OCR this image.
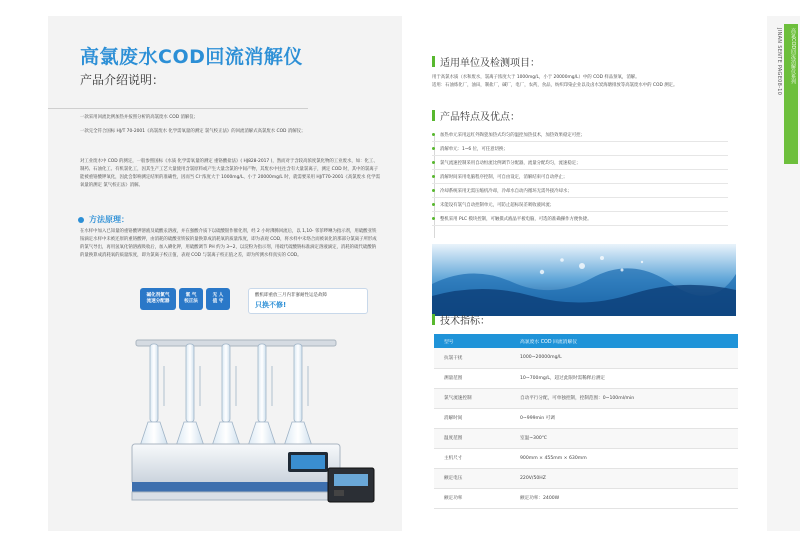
高氯废水COD回流消解仪
产品介绍说明：
一款采用回流比例加热并按照分析的高氯废水 COD 消解仪；
一款完全符合国标 HJ/T 70-2001《高氯废水 化学需氧量的测定 氯气校正法》的回流消解式高氯废水 COD 消解仪；
对工业废水中 COD 的测定，一般参照国标《水质 化学需氧量的测定 重铬酸盐法》( HJ828-2017 )，然而对于含较高浓度氯化物的工业废水，如：化工、制药、石油化工、有机氯化工，因其生产工艺大量使用含氯原料或产生大量含氯的中间产物，其废水中往往含有大量氯离子，测定 COD 时，其中的氯离子能被重铬酸钾氧化，因此会影响测定结果的准确性，因而当 Cl⁻浓度大于 1000mg/L、小于 20000mg/L 时，就需要采用 HJ/T70-2001《高氯废水 化学需氧量的测定 氯气校正法》消解。
方法原理：
在水样中加入已知量的重铬酸钾溶液及硫酸汞溶液，并在强酸介质下以硫酸银作催化剂，经 2 小时沸腾回流后，以 1,10- 邻菲啰啉为指示剂，用硫酸亚铁铵滴定水样中未被还原的重铬酸钾，由消耗的硫酸亚铁铵的量换算成消耗氧的质量浓度，即为表观 COD，将水样中未络合而被氧化的那部分氯离子所形成的氯气导出，再用氢氧化钠溶液吸收后，加入碘化钾，用硫酸调节 PH 约为 3~2，以淀粉为指示剂，用硫代硫酸钠标准滴定溶液滴定，消耗的硫代硫酸钠的量换算成消耗氧的质量浓度，即为氯离子校正值，表观 COD 与氯离子校正值之差，即为所测水样真实的 COD。
碱化剂氯气
流速分配器
氯 气
校正法
无 人
值 守
酸机即重放三月内非寥耐性运是故障
只换不修!
适用单位及检测项目：
用于高氯水质（水和废水，氯离子浓度大于 1000mg/L，小于 20000mg/L）中的 COD 样品预氧，消解。
适用：石油炼化厂，油田，制盐厂，碱厂，电厂，农药，食品，纺织印染企业以及卤水炭海塘排放等高氯废水中的 COD 测定。
产品特点及优点：
加热单元采用远红外陶瓷加热式均匀的温控加热技术，加热效果稳定可控；
消解单元：1~6 位，可任意切换；
氯气流速控制采用自动恒流比例调节分配器，流量分配均匀，流速稳定；
消解时间采用电脑程序控制，可自由设定，消解结束可自动停止；
冷却系统采用无需压缩机冷却，冷却水自动内循环无需外接冷却水；
未能设有氯气自动控制单元，可防止超标误差吸收液回流；
整机采用 PLC 模块控制，可触摸式液晶平板电脑，可选的准确操作方便快捷。
技术指标：
型号	高氯废水 COD 回流消解仪
抗氯干扰	1000~20000mg/L
测量范围	10~700mg/L，超过此限时需稀释后测定
氯气流速控制	自动平行分配，可单独控制，控制范围：0~100ml/min
消解时间	0~999min 可调
温度范围	室温~300℃
主机尺寸	900mm × 455mm × 630mm
额定电压	220V/50HZ
额定功率	额定功率：2400W
高氯COD回流消解仪系列
JINAN SENTE PAGE08-10
